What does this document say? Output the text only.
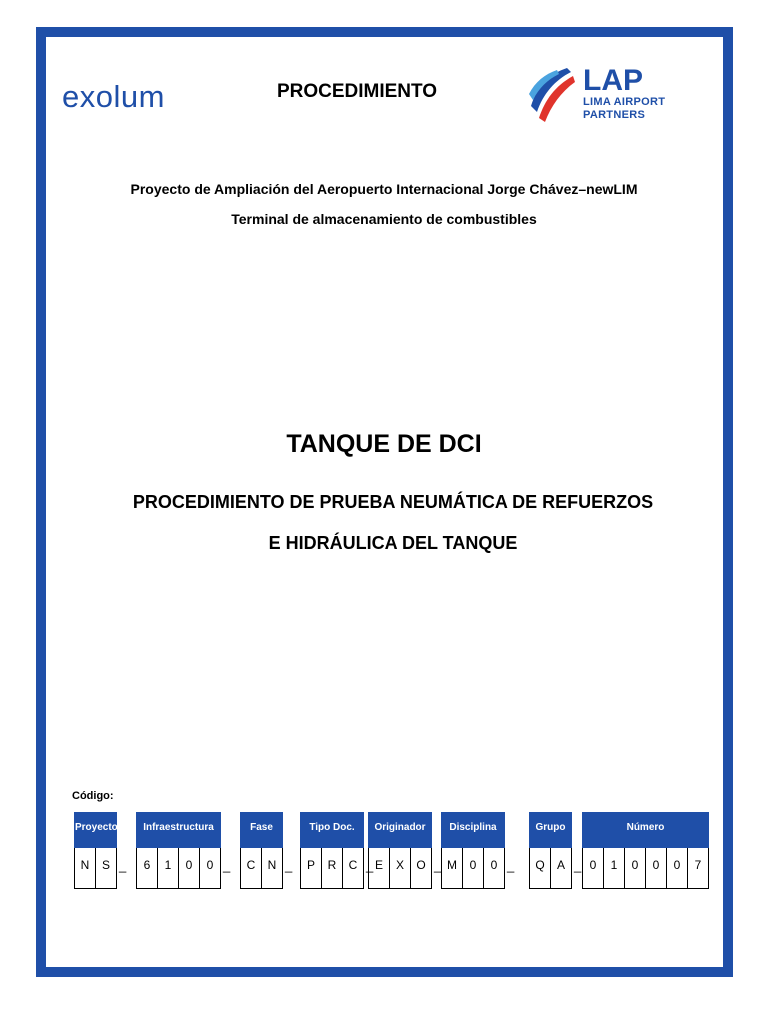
exolum	PROCEDIMIENTO	LAP
LIMA AIRPORT
PARTNERS
Proyecto de Ampliación del Aeropuerto Internacional Jorge Chávez–newLIM
Terminal de almacenamiento de combustibles
TANQUE DE DCI
PROCEDIMIENTO DE PRUEBA NEUMÁTICA DE REFUERZOS
E HIDRÁULICA DEL TANQUE
Código:
Proyecto
N	S _
Infraestructura
6	1	0	0 _
Fase
C	N _
Tipo Doc.
P	R	C _
Originador
E	X	O _
Disciplina
M	0	0 _
Grupo
Q	A _
Número
0	1	0	0	0	7
